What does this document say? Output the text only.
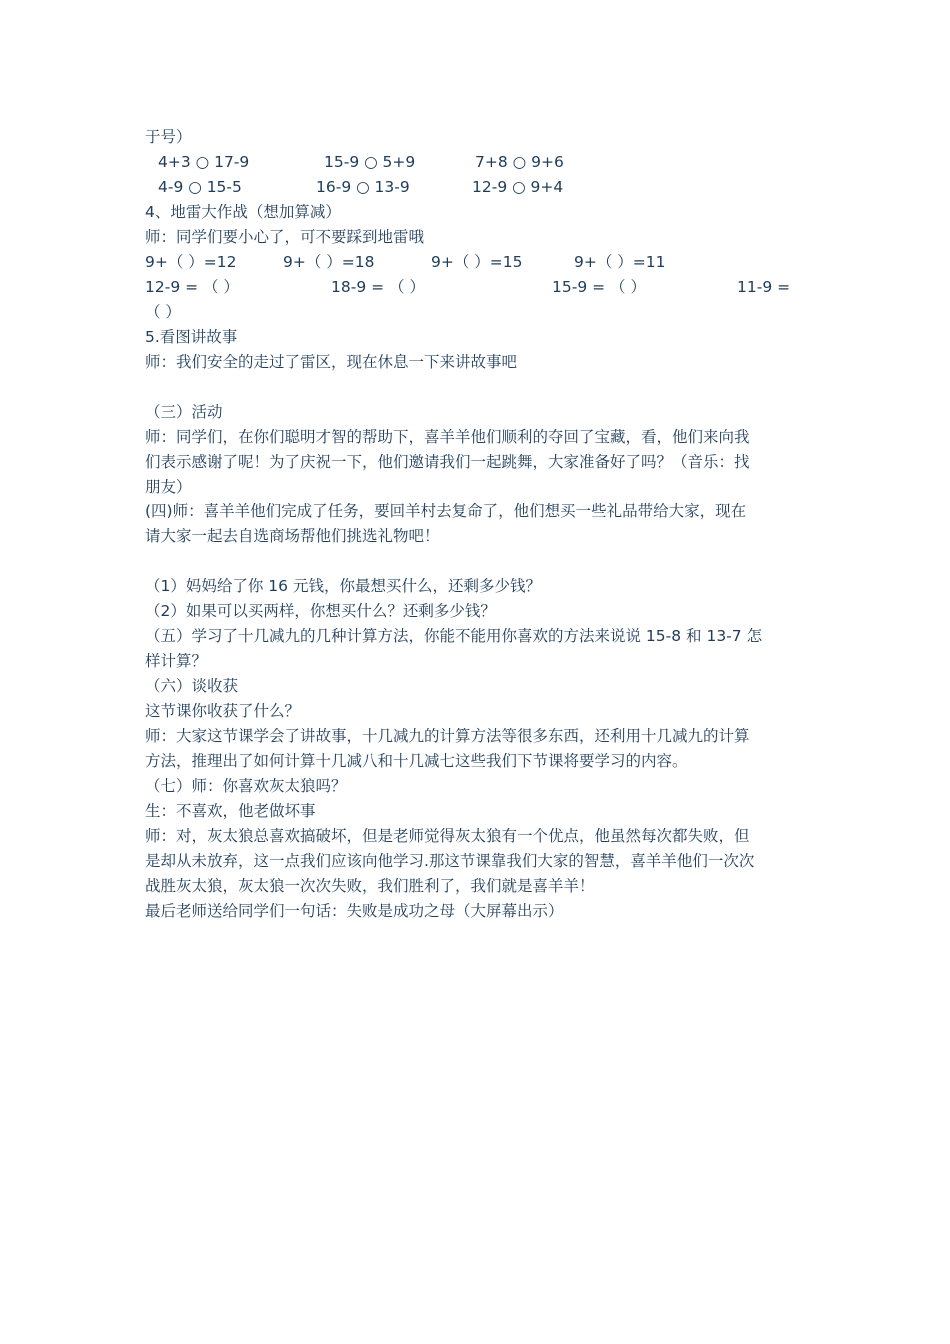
于号）
4+3 ○ 17-9	15-9 ○ 5+9	7+8 ○ 9+6
4-9 ○ 15-5	16-9 ○ 13-9	12-9 ○ 9+4
4、地雷大作战（想加算减）
师：同学们要小心了，可不要踩到地雷哦
9+（ ）=12	9+（ ）=18	9+（ ）=15	9+（ ）=11
12-9 = （ ）	18-9 = （ ）	15-9 = （ ）	11-9 =
（ ）
5.看图讲故事
师：我们安全的走过了雷区，现在休息一下来讲故事吧
（三）活动
师：同学们，在你们聪明才智的帮助下，喜羊羊他们顺利的夺回了宝藏，看，他们来向我
们表示感谢了呢！为了庆祝一下，他们邀请我们一起跳舞，大家准备好了吗？（音乐：找
朋友）
(四)师：喜羊羊他们完成了任务，要回羊村去复命了，他们想买一些礼品带给大家，现在
请大家一起去自选商场帮他们挑选礼物吧！
（1）妈妈给了你 16 元钱，你最想买什么，还剩多少钱？
（2）如果可以买两样，你想买什么？还剩多少钱？
（五）学习了十几减九的几种计算方法，你能不能用你喜欢的方法来说说 15-8 和 13-7 怎
样计算？
（六）谈收获
这节课你收获了什么？
师：大家这节课学会了讲故事，十几减九的计算方法等很多东西，还利用十几减九的计算
方法，推理出了如何计算十几减八和十几减七这些我们下节课将要学习的内容。
（七）师：你喜欢灰太狼吗？
生：不喜欢，他老做坏事
师：对，灰太狼总喜欢搞破坏，但是老师觉得灰太狼有一个优点，他虽然每次都失败，但
是却从未放弃，这一点我们应该向他学习.那这节课靠我们大家的智慧，喜羊羊他们一次次
战胜灰太狼，灰太狼一次次失败，我们胜利了，我们就是喜羊羊！
最后老师送给同学们一句话：失败是成功之母（大屏幕出示）
